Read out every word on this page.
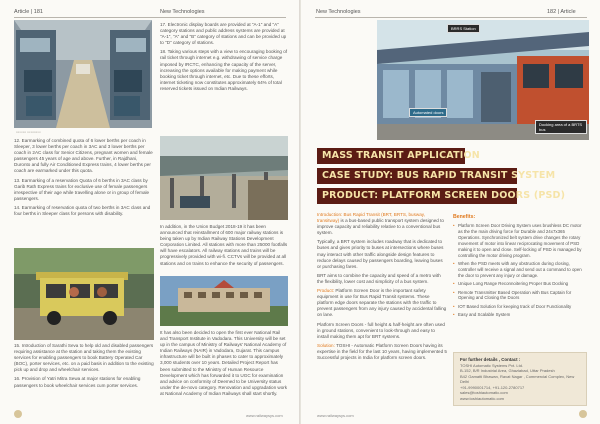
Article | 181	New Technologies
▭▭▭ ▭▭▭▭

12. Earmarking of combined quota of 6 lower berths per coach in Sleeper, 3 lower berths per coach in 3AC and 3 lower berths per coach in 2AC class for Senior Citizens, pregnant women and female passengers 45 years of age and above. Further, in Rajdhani, Duronto and fully Air Conditioned Express trains, 4 lower berths per coach are earmarked under this quota.

13. Earmarking of a reservation Quota of 6 berths in 3AC class by Garib Rath Express trains for exclusive use of female passengers irrespective of their age while travelling alone or in group of female passengers.

14. Earmarking of reservation quota of two berths in 3AC class and four berths in Sleeper class for persons with disability.

15. Introduction of Sarathi Seva to help old and disabled passengers requiring assistance at the station and taking them the existing services for enabling passengers to book Battery Operated Car (BOC), porter services, etc. on a paid basis in addition to the existing pick up and drop and wheelchair services.

16. Provision of Yatri Mitra Sewa at major stations for enabling passengers to book wheelchair services cum porter services.

17. Electronic display boards are provided at "A-1" and "A" category stations and public address systems are provided at "A-1", "A" and "B" category of stations and can be provided up to "D" category of stations.

18. Taking various steps with a view to encouraging booking of rail ticket through internet e.g. withdrawing of service charge imposed by IRCTC, enhancing the capacity of the server, increasing the options available for making payment while booking ticket through internet, etc. Due to these efforts, internet ticketing now constitutes approximately 64% of total reserved tickets issued on Indian Railways.

In addition, in the Union Budget 2018-19 it has been announced that reinstallment of 600 major railway stations is being taken up by Indian Railway Stations Development Corporation Limited. All stations with more than 25000 footfalls will have escalators. All railway stations and trains will be progressively provided with wi-fi. CCTVs will be provided at all stations and on trains to enhance the security of passengers.
It has also been decided to open the first ever National Rail and Transport Institute in Vadodara. This University will be set up in the campus of Ministry of Railways' National Academy of Indian Railways (NAIR) in Vadodara, Gujarat. This campus infrastructure will be built in phases to cater to approximately 3,000 students over 10 years. Detailed Project Report has been submitted to the Ministry of Human Resource Development which has forwarded it to UGC for examination and advice on conformity of Deemed to be University status under the de-novo category. Renovation and upgradation work at National Academy of Indian Railways shall start shortly.
www.railwaysys.com
New Technologies	182 | Article
BRRS Station
Automated doors
Docking area of a BRTS bus
MASS TRANSIT APPLICATION
CASE STUDY: BUS RAPID TRANSIT SYSTEM
PRODUCT: PLATFORM SCREEN DOORS (PSD)

Introduction: Bus Rapid Transit (BRT, BRTS, busway, transitway) is a bus-based public transport system designed to improve capacity and reliability relative to a conventional bus system.

Typically, a BRT system includes roadway that is dedicated to buses and gives priority to buses at intersections where buses may interact with other traffic alongside design features to reduce delays caused by passengers boarding, leaving buses or purchasing fares.

BRT aims to combine the capacity and speed of a metro with the flexibility, lower cost and simplicity of a bus system.

Product: Platform Screen Door is the important safety equipment in use for Bus Rapid Transit systems. These platform edge doors separate the stations with the traffic to prevent passengers from any injury caused by accidental falling on lane.

Platform Screen Doors - full height & half-height are often used in ground stations, convenient to look-through and easy to install making them apt for BRT systems.

Solution: TOSHI - Automatic Platform Screen Doors having its expertise in the field for the last 10 years, having implemented 5 Successful projects in India for platform screen doors.

Benefits:
• Platform Screen Door Driving System uses brushless DC motor as the the main driving force for Durable and 24x7x365 Operations. Synchronized belt system drive changes the rotary movement of motor into linear reciprocating movement of PSD making it to open and close. Self-locking of PSD is managed by controlling the motor driving program.
• When the PSD meets with any obstruction during closing, controller will receive a signal and send out a command to open the door to prevent any injury or damage.
• Unique Long Range Reconnoitering Proper Bus Docking
• Remote Transmitter Based Operation with Bus Captain for Opening and Closing the Doors
• IOT Based Solution for keeping track of Door Functionality
• Easy and Scalable System
For further details , Contact :
TOSHI Automatic Systems Pvt. Ltd.
B-152, B/R Industrial Area, Ghaziabad, Uttar Pradesh
B42 Gamatti Bhawan, Ravat Nagar , Commercial Complex, New Delhi
+91-9990001714, +91-120-2780717
sales@toshiautomatic.com
www.toshiautomatic.com
www.railwaysys.com
